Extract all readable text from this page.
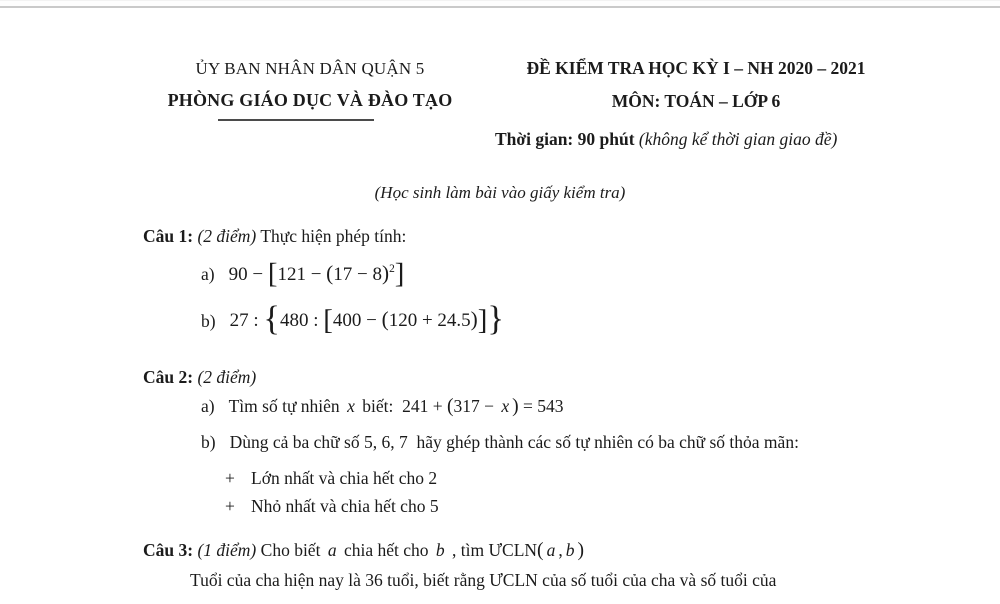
ỦY BAN NHÂN DÂN QUẬN 5
PHÒNG GIÁO DỤC VÀ ĐÀO TẠO
ĐỀ KIỂM TRA HỌC KỲ I – NH 2020 – 2021
MÔN: TOÁN – LỚP 6
Thời gian: 90 phút (không kể thời gian giao đề)
(Học sinh làm bài vào giấy kiểm tra)
Câu 1: (2 điểm) Thực hiện phép tính:
a) $90 - [121 - (17 - 8)^2]$
b) 27 : {480 : [400 − (120 + 24.5)]}
Câu 2: (2 điểm)
a) Tìm số tự nhiên x biết:  241 + (317 − x ) = 543
b) Dùng cả ba chữ số 5, 6, 7  hãy ghép thành các số tự nhiên có ba chữ số thỏa mãn:
+ Lớn nhất và chia hết cho 2
+ Nhỏ nhất và chia hết cho 5
Câu 3: (1 điểm) Cho biết a chia hết cho b , tìm ƯCLN( a , b )
Tuổi của cha hiện nay là 36 tuổi, biết rằng ƯCLN của số tuổi của cha và số tuổi của
